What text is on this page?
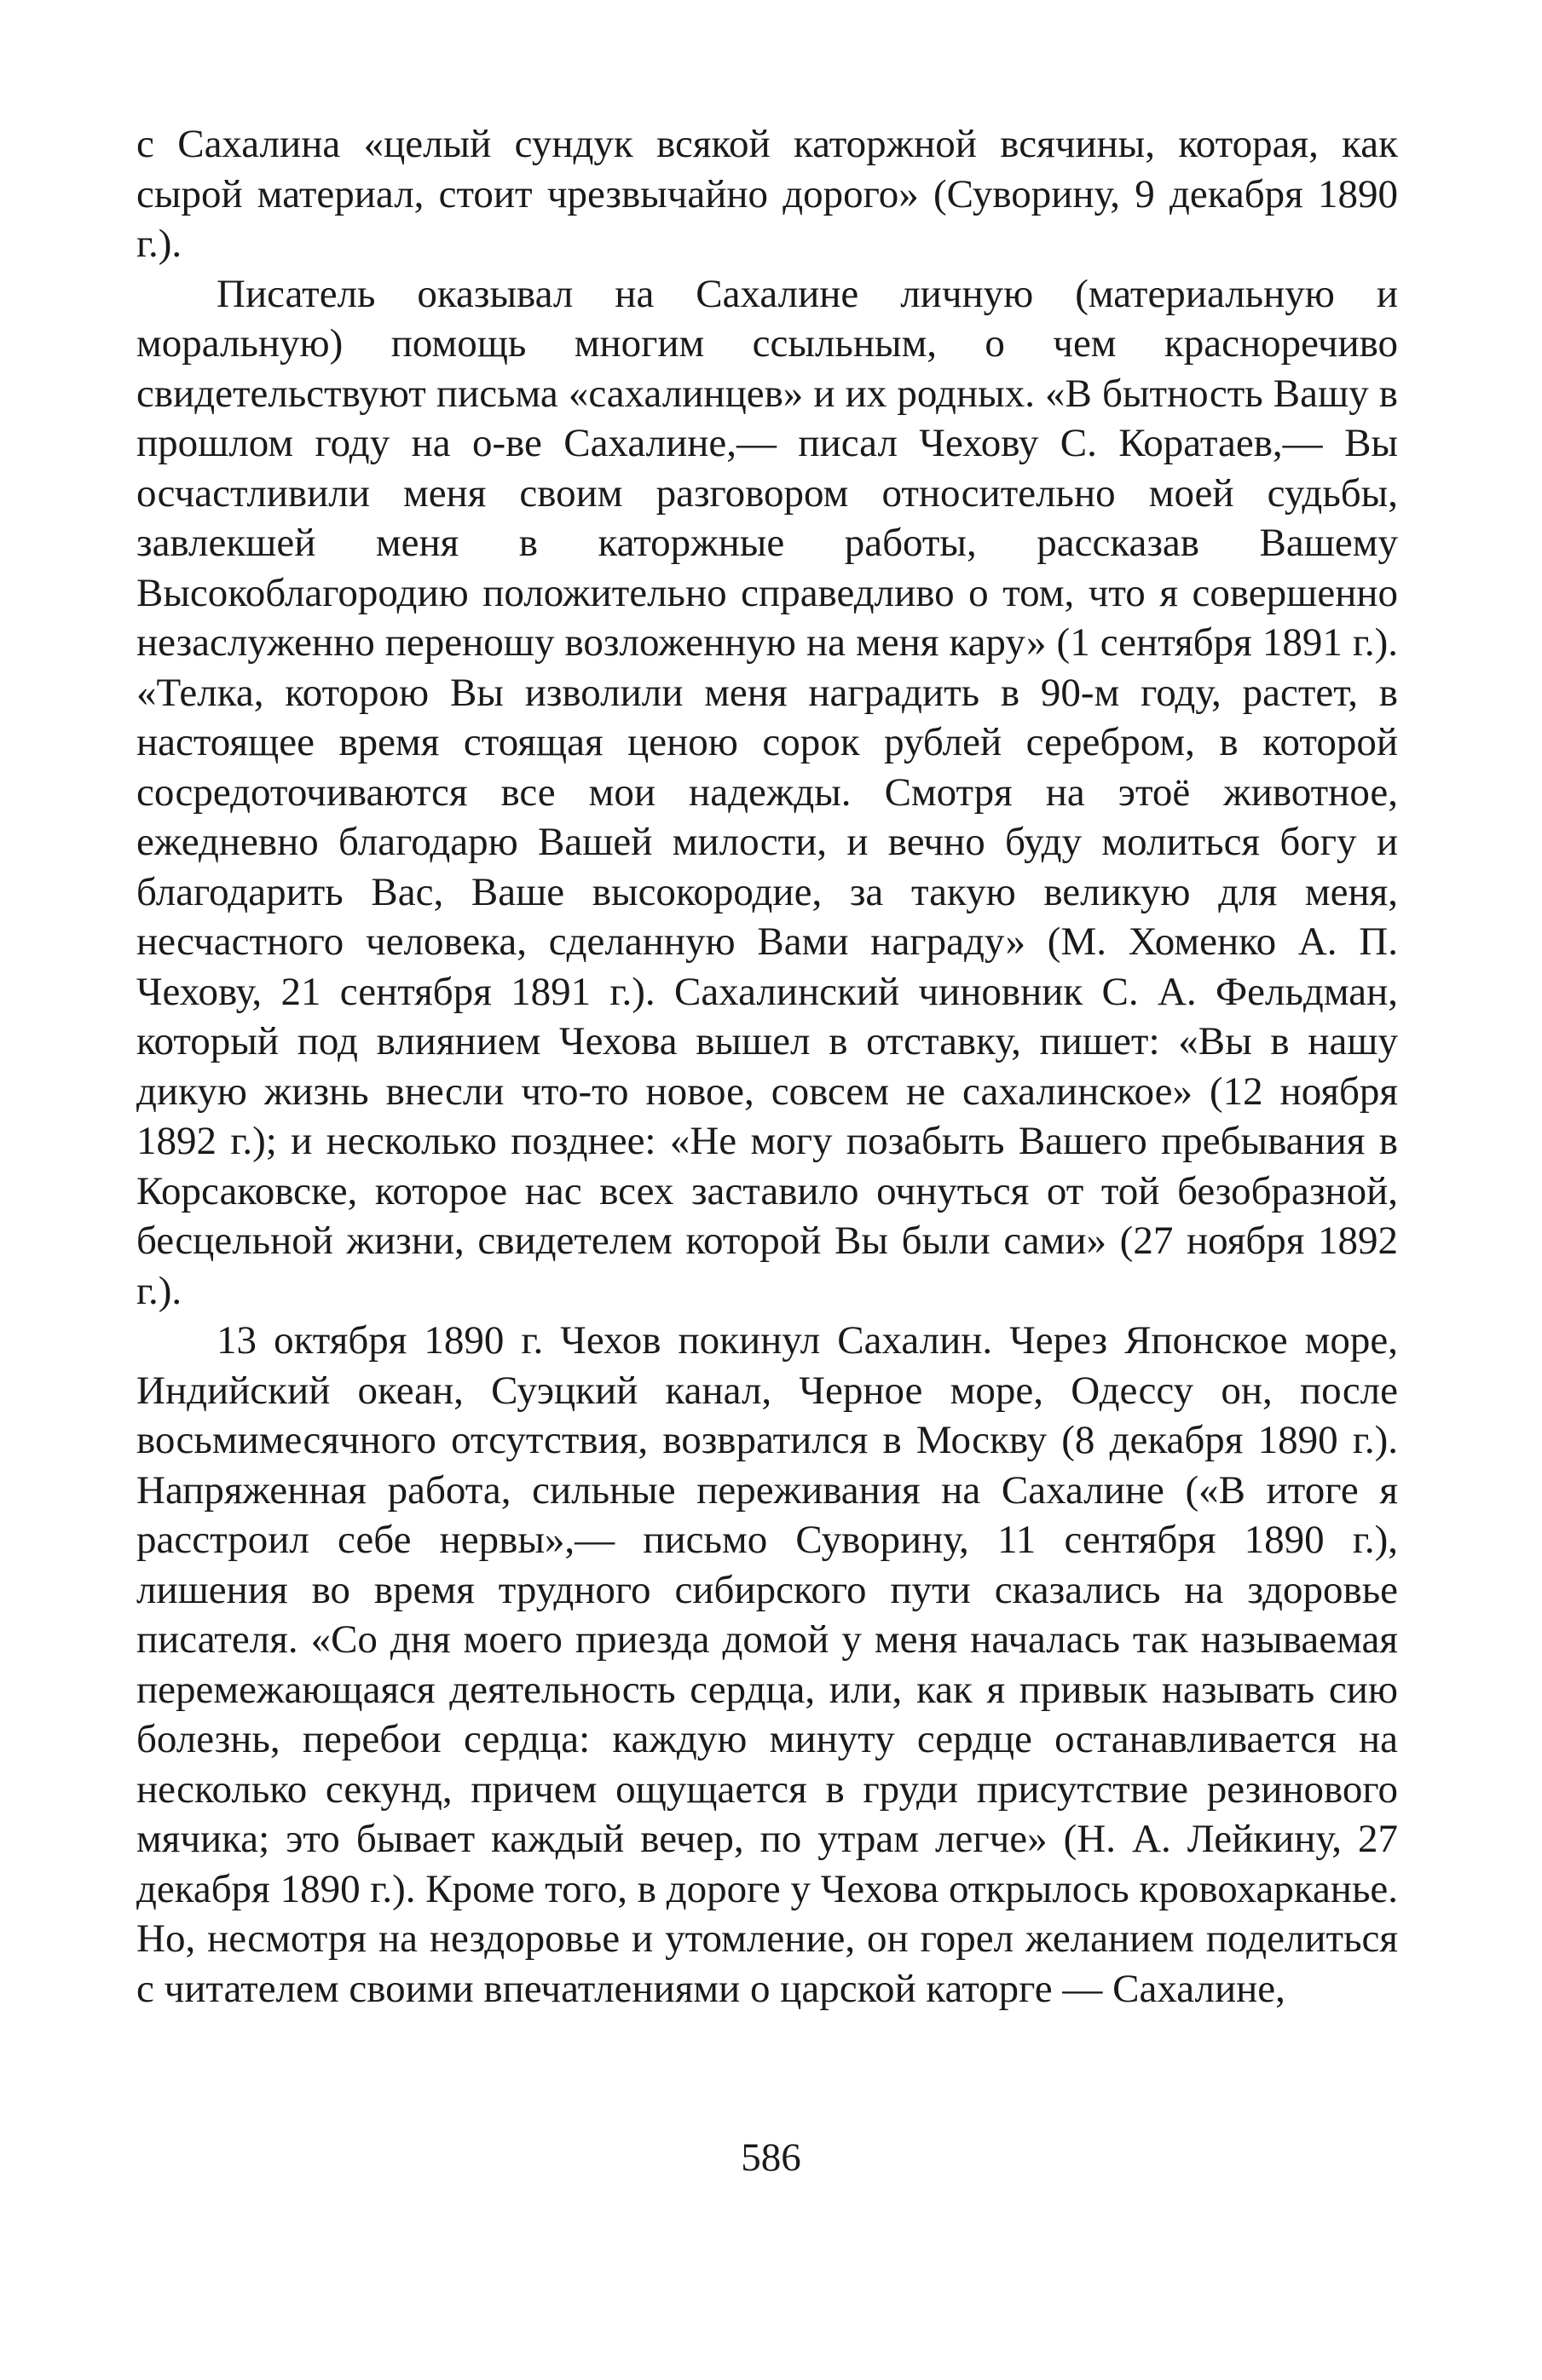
с Сахалина «целый сундук всякой каторжной всячины, которая, как сырой материал, стоит чрезвычайно дорого» (Суворину, 9 декабря 1890 г.).

Писатель оказывал на Сахалине личную (материальную и моральную) помощь многим ссыльным, о чем красноречиво свидетельствуют письма «сахалинцев» и их родных. «В бытность Вашу в прошлом году на о-ве Сахалине,— писал Чехову С. Коратаев,— Вы осчастливили меня своим разговором относительно моей судьбы, завлекшей меня в каторжные работы, рассказав Вашему Высокоблагородию положительно справедливо о том, что я совершенно незаслуженно переношу возложенную на меня кару» (1 сентября 1891 г.). «Телка, которою Вы изволили меня наградить в 90-м году, растет, в настоящее время стоящая ценою сорок рублей серебром, в которой сосредоточиваются все мои надежды. Смотря на этоё животное, ежедневно благодарю Вашей милости, и вечно буду молиться богу и благодарить Вас, Ваше высокородие, за такую великую для меня, несчастного человека, сделанную Вами награду» (М. Хоменко А. П. Чехову, 21 сентября 1891 г.). Сахалинский чиновник С. А. Фельдман, который под влиянием Чехова вышел в отставку, пишет: «Вы в нашу дикую жизнь внесли что-то новое, совсем не сахалинское» (12 ноября 1892 г.); и несколько позднее: «Не могу позабыть Вашего пребывания в Корсаковске, которое нас всех заставило очнуться от той безобразной, бесцельной жизни, свидетелем которой Вы были сами» (27 ноября 1892 г.).

13 октября 1890 г. Чехов покинул Сахалин. Через Японское море, Индийский океан, Суэцкий канал, Черное море, Одессу он, после восьмимесячного отсутствия, возвратился в Москву (8 декабря 1890 г.). Напряженная работа, сильные переживания на Сахалине («В итоге я расстроил себе нервы»,— письмо Суворину, 11 сентября 1890 г.), лишения во время трудного сибирского пути сказались на здоровье писателя. «Со дня моего приезда домой у меня началась так называемая перемежающаяся деятельность сердца, или, как я привык называть сию болезнь, перебои сердца: каждую минуту сердце останавливается на несколько секунд, причем ощущается в груди присутствие резинового мячика; это бывает каждый вечер, по утрам легче» (Н. А. Лейкину, 27 декабря 1890 г.). Кроме того, в дороге у Чехова открылось кровохарканье. Но, несмотря на нездоровье и утомление, он горел желанием поделиться с читателем своими впечатлениями о царской каторге — Сахалине,

586
